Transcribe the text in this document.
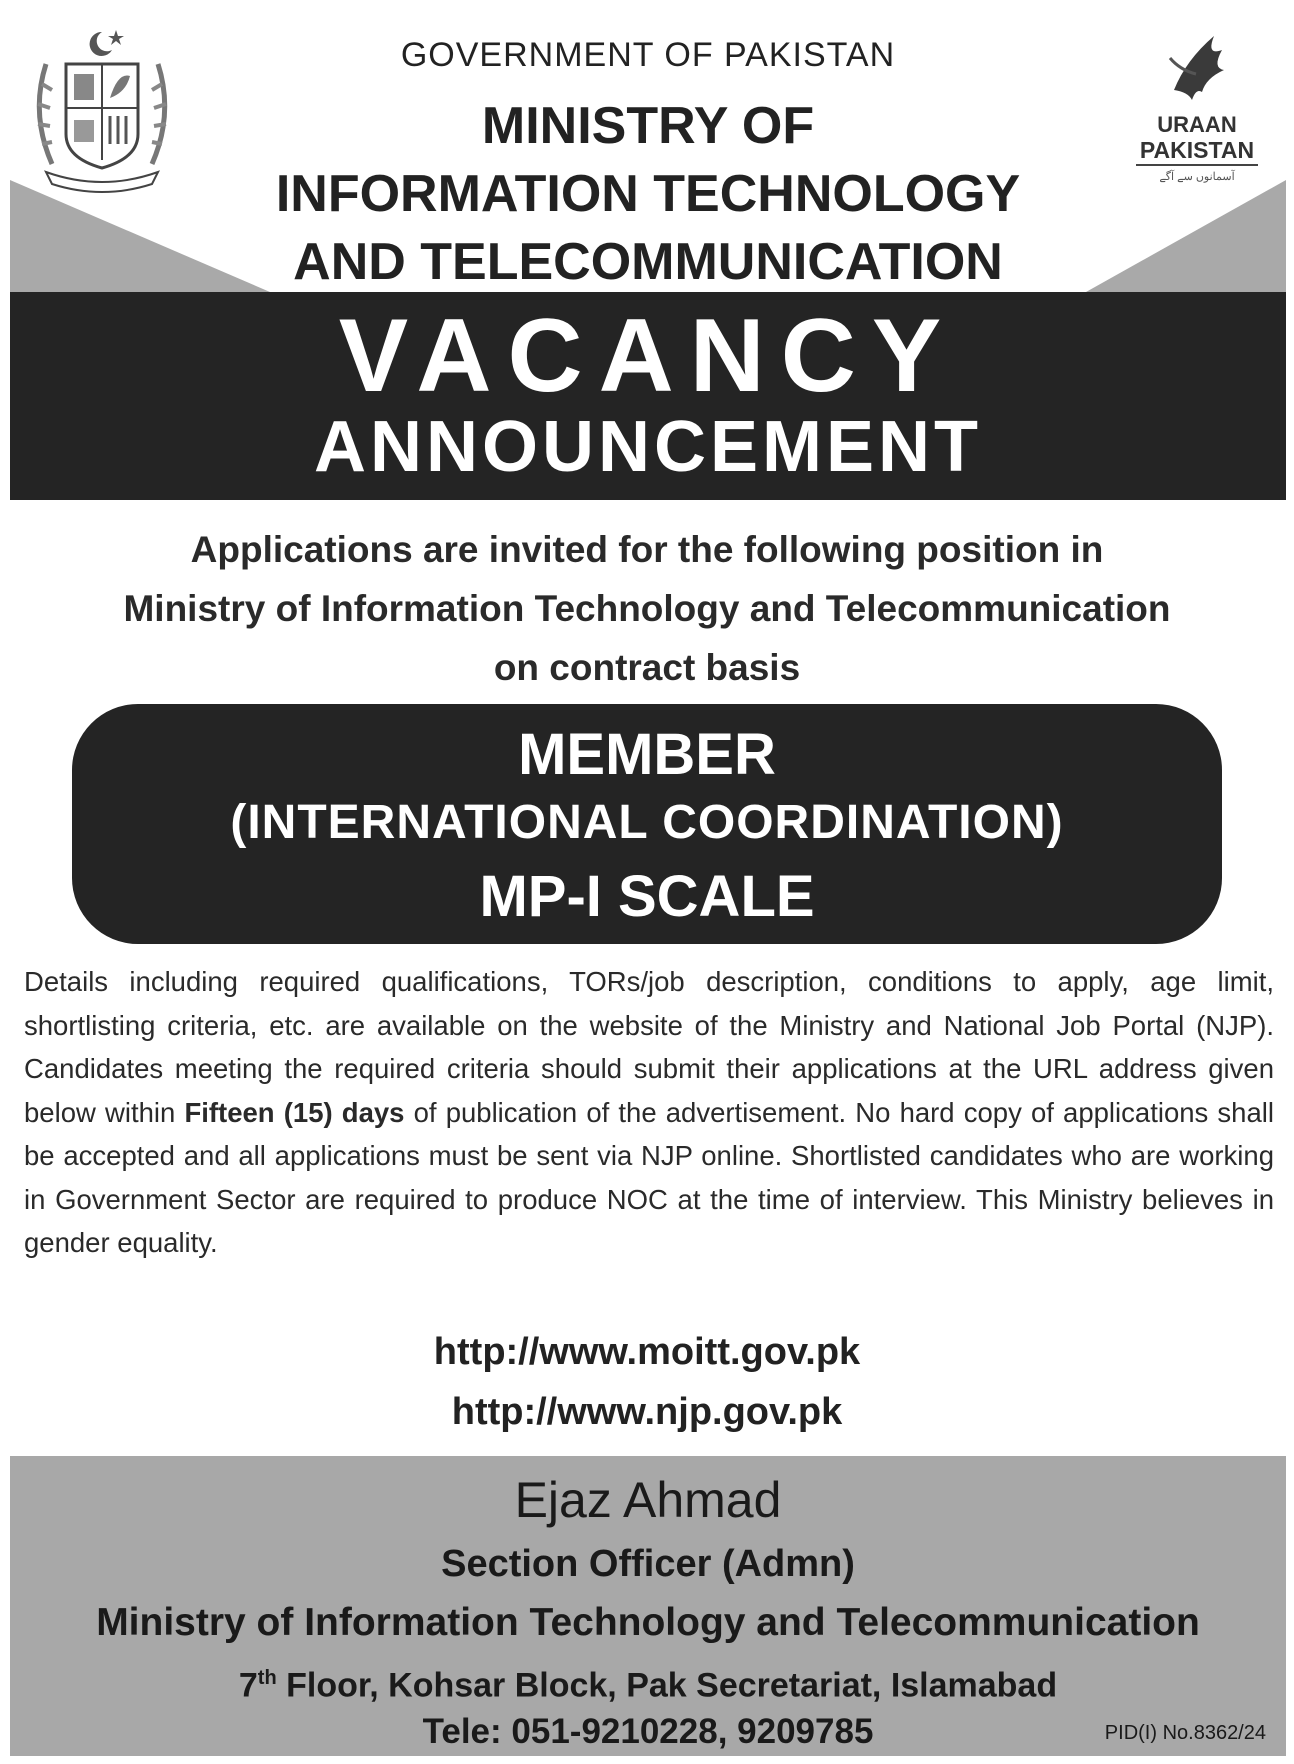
GOVERNMENT OF PAKISTAN
MINISTRY OF
INFORMATION TECHNOLOGY
AND TELECOMMUNICATION
URAAN
PAKISTAN
آسمانوں سے آگے
VACANCY
ANNOUNCEMENT
Applications are invited for the following position in
Ministry of Information Technology and Telecommunication
on contract basis
MEMBER
(INTERNATIONAL COORDINATION)
MP-I SCALE
Details including required qualifications, TORs/job description, conditions to apply, age limit, shortlisting criteria, etc. are available on the website of the Ministry and National Job Portal (NJP). Candidates meeting the required criteria should submit their applications at the URL address given below within Fifteen (15) days of publication of the advertisement. No hard copy of applications shall be accepted and all applications must be sent via NJP online. Shortlisted candidates who are working in Government Sector are required to produce NOC at the time of interview. This Ministry believes in gender equality.
http://www.moitt.gov.pk
http://www.njp.gov.pk
Ejaz Ahmad
Section Officer (Admn)
Ministry of Information Technology and Telecommunication
7th Floor, Kohsar Block, Pak Secretariat, Islamabad
Tele: 051-9210228, 9209785	PID(I) No.8362/24
